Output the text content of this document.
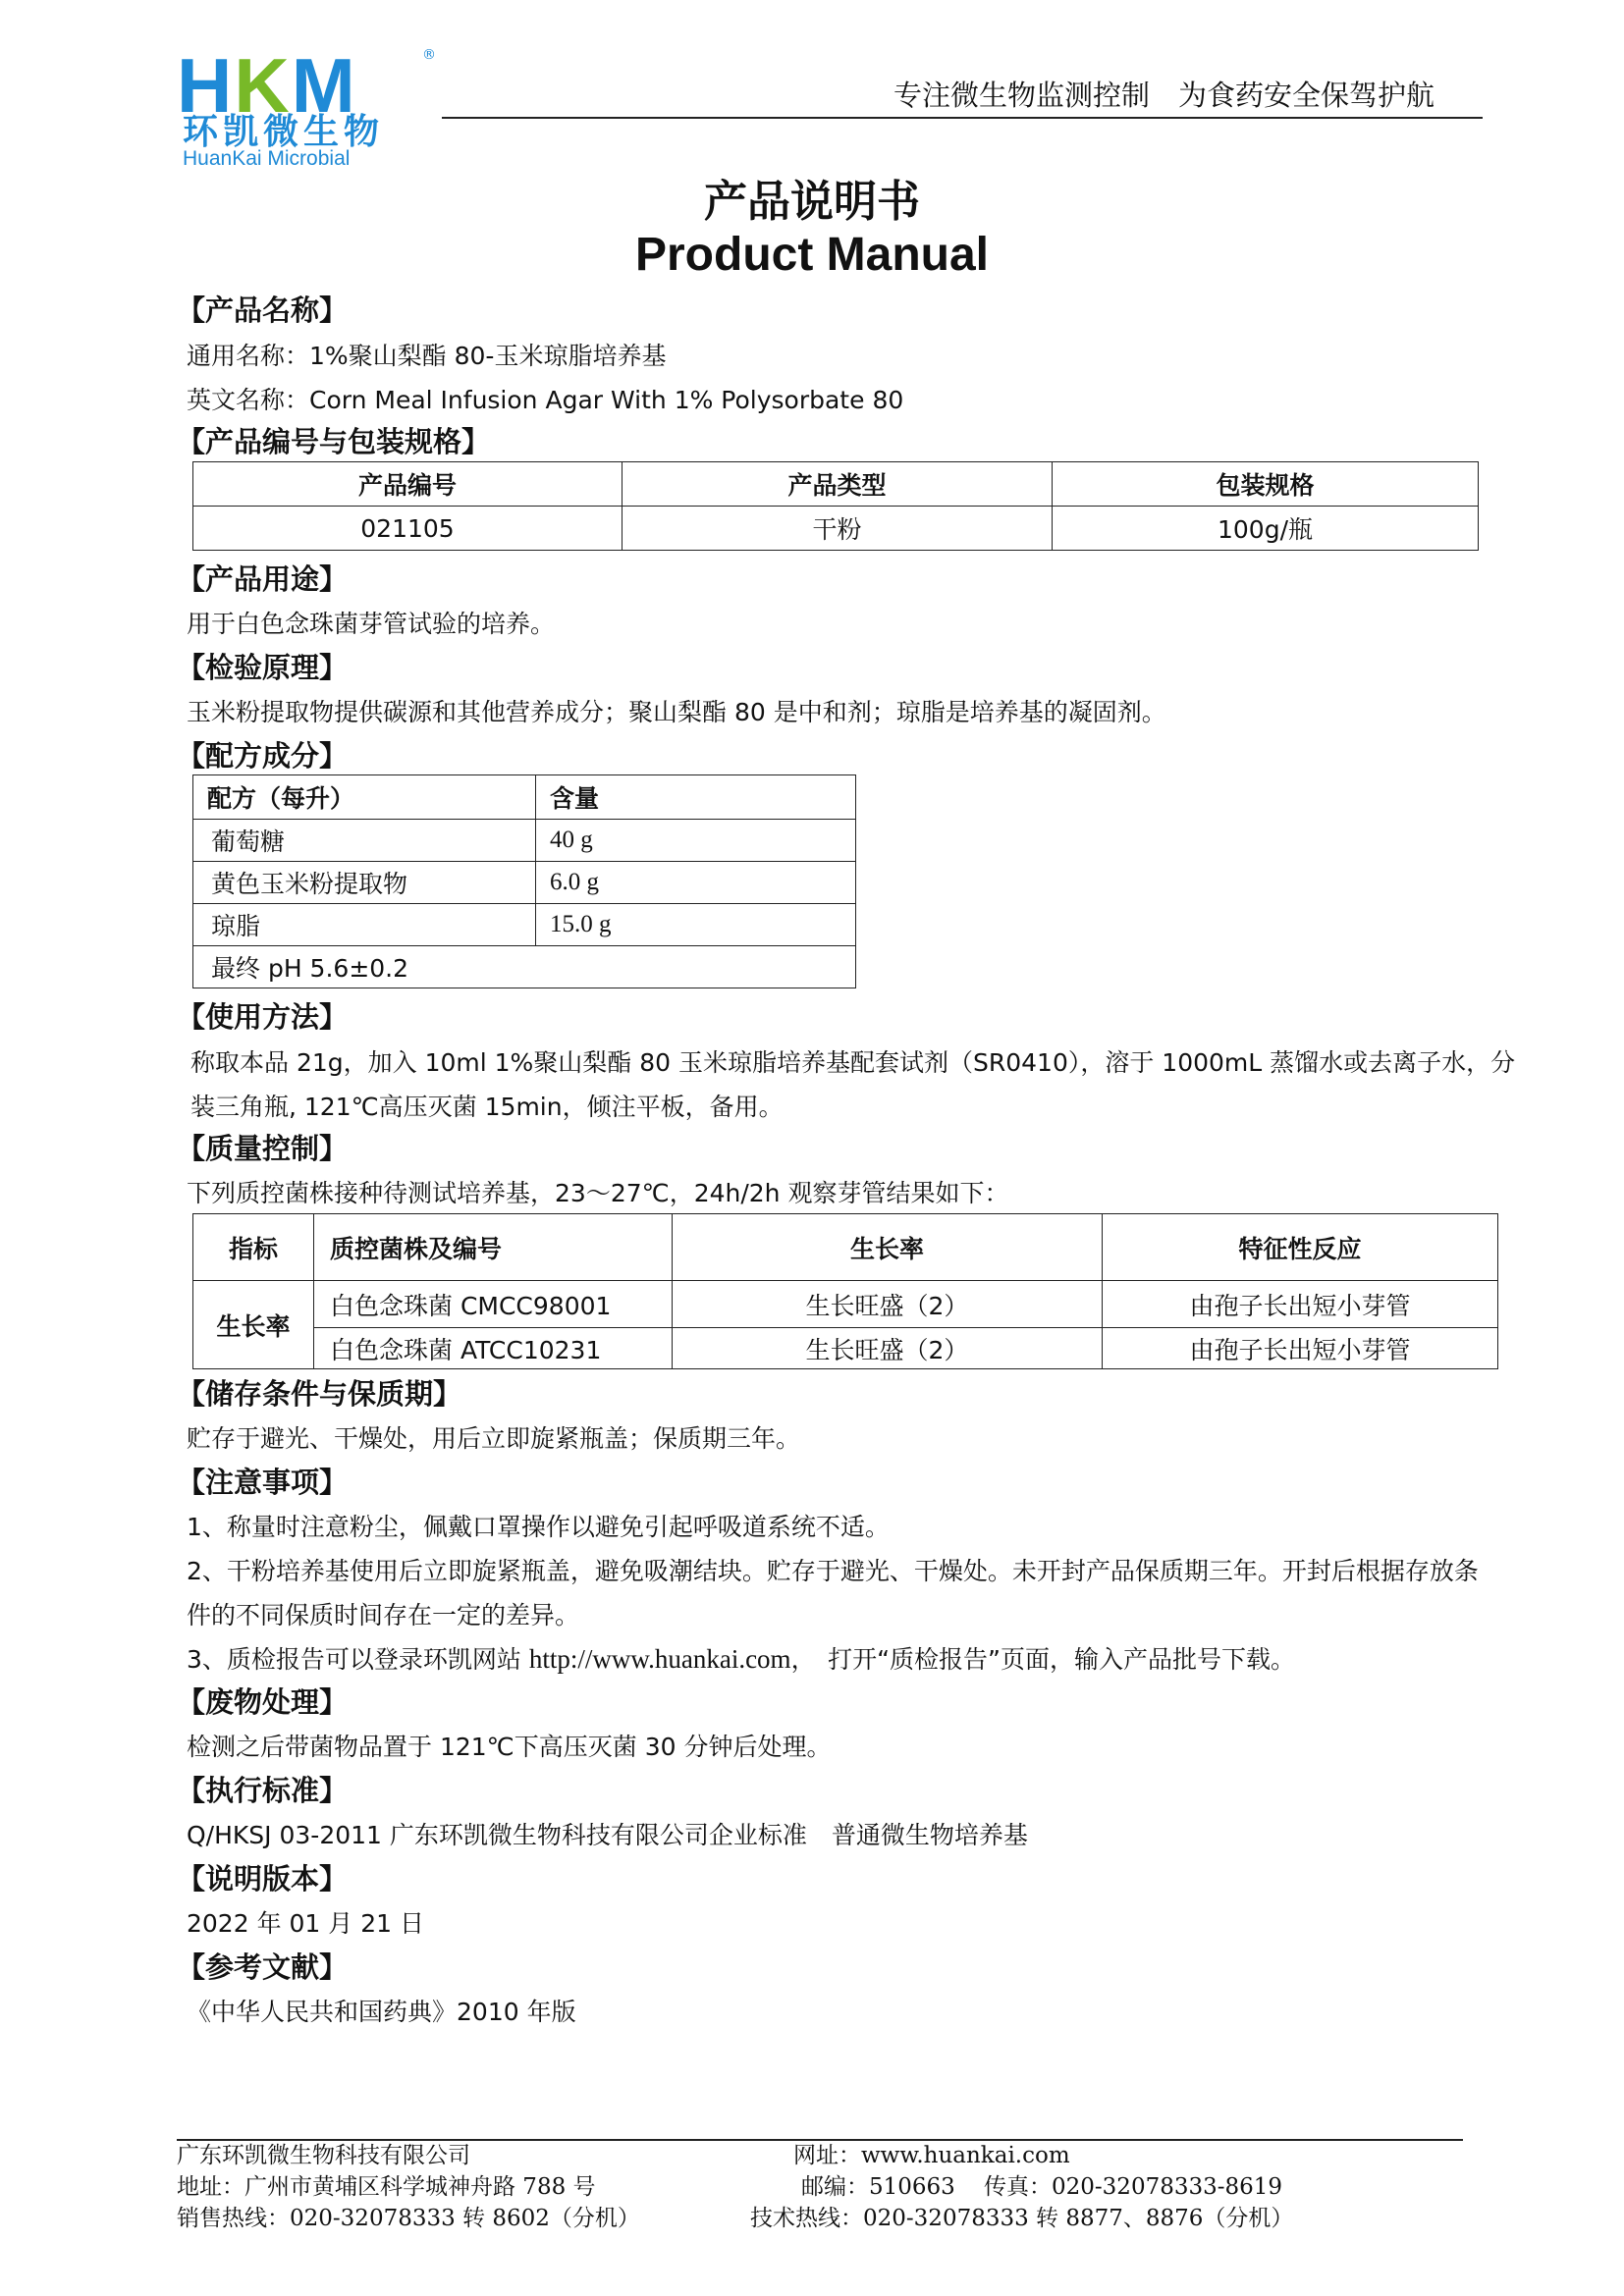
HKM	®
环凯微生物
HuanKai Microbial
专注微生物监测控制　为食药安全保驾护航
产品说明书
Product Manual
【产品名称】
通用名称：1%聚山梨酯 80-玉米琼脂培养基
英文名称：Corn Meal Infusion Agar With 1% Polysorbate 80
【产品编号与包装规格】
产品编号	产品类型	包装规格
021105	干粉	100g/瓶
【产品用途】
用于白色念珠菌芽管试验的培养。
【检验原理】
玉米粉提取物提供碳源和其他营养成分；聚山梨酯 80 是中和剂；琼脂是培养基的凝固剂。
【配方成分】
配方（每升）	含量
葡萄糖	40 g
黄色玉米粉提取物	6.0 g
琼脂	15.0 g
最终 pH 5.6±0.2	
【使用方法】
称取本品 21g，加入 10ml 1%聚山梨酯 80 玉米琼脂培养基配套试剂（SR0410），溶于 1000mL 蒸馏水或去离子水，分
装三角瓶, 121℃高压灭菌 15min，倾注平板，备用。
【质量控制】
下列质控菌株接种待测试培养基，23～27℃，24h/2h 观察芽管结果如下：
指标	质控菌株及编号	生长率	特征性反应
生长率	白色念珠菌 CMCC98001	生长旺盛（2）	由孢子长出短小芽管
	白色念珠菌 ATCC10231	生长旺盛（2）	由孢子长出短小芽管
【储存条件与保质期】
贮存于避光、干燥处，用后立即旋紧瓶盖；保质期三年。
【注意事项】
1、称量时注意粉尘，佩戴口罩操作以避免引起呼吸道系统不适。
2、干粉培养基使用后立即旋紧瓶盖，避免吸潮结块。贮存于避光、干燥处。未开封产品保质期三年。开封后根据存放条
件的不同保质时间存在一定的差异。
3、质检报告可以登录环凯网站 http://www.huankai.com，　打开“质检报告”页面，输入产品批号下载。
【废物处理】
检测之后带菌物品置于 121℃下高压灭菌 30 分钟后处理。
【执行标准】
Q/HKSJ 03-2011 广东环凯微生物科技有限公司企业标准　普通微生物培养基
【说明版本】
2022 年 01 月 21 日
【参考文献】
《中华人民共和国药典》2010 年版
广东环凯微生物科技有限公司
地址：广州市黄埔区科学城神舟路 788 号
销售热线：020-32078333 转 8602（分机）
网址：www.huankai.com
邮编：510663 传真：020-32078333-8619
技术热线：020-32078333 转 8877、8876（分机）
